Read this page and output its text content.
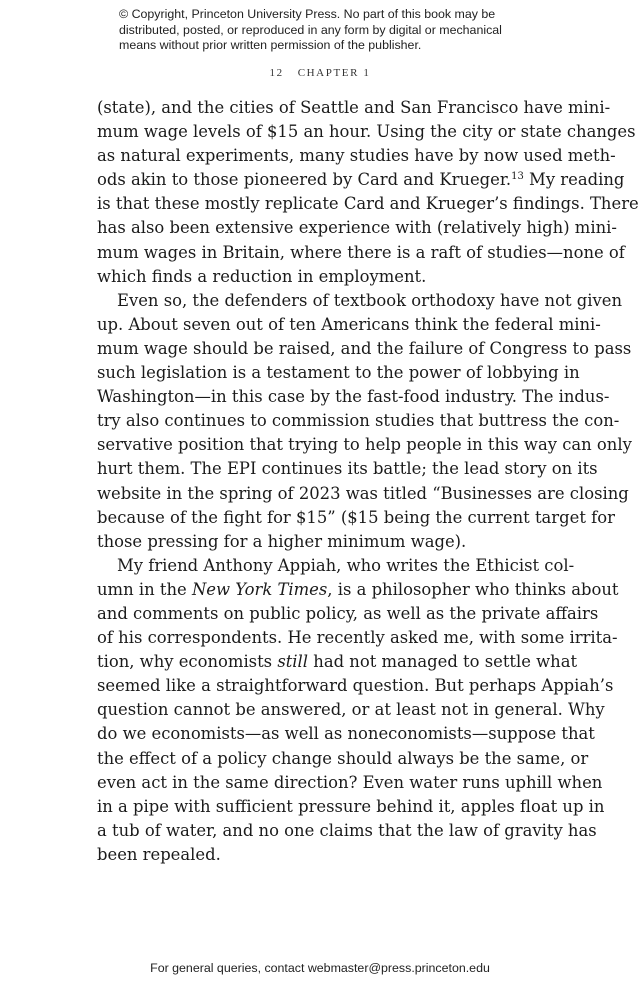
© Copyright, Princeton University Press. No part of this book may be
distributed, posted, or reproduced in any form by digital or mechanical
means without prior written permission of the publisher.
12 CHAPTER 1
(state), and the cities of Seattle and San Francisco have mini-
mum wage levels of $15 an hour. Using the city or state changes
as natural experiments, many studies have by now used meth-
ods akin to those pioneered by Card and Krueger.$^{13}$ My reading
is that these mostly replicate Card and Krueger’s findings. There
has also been extensive experience with (relatively high) mini-
mum wages in Britain, where there is a raft of studies—none of
which finds a reduction in employment.
Even so, the defenders of textbook orthodoxy have not given
up. About seven out of ten Americans think the federal mini-
mum wage should be raised, and the failure of Congress to pass
such legislation is a testament to the power of lobbying in
Washington—in this case by the fast-food industry. The indus-
try also continues to commission studies that buttress the con-
servative position that trying to help people in this way can only
hurt them. The EPI continues its battle; the lead story on its
website in the spring of 2023 was titled “Businesses are closing
because of the fight for $15” ($15 being the current target for
those pressing for a higher minimum wage).
My friend Anthony Appiah, who writes the Ethicist col-
umn in the New York Times, is a philosopher who thinks about
and comments on public policy, as well as the private affairs
of his correspondents. He recently asked me, with some irrita-
tion, why economists still had not managed to settle what
seemed like a straightforward question. But perhaps Appiah’s
question cannot be answered, or at least not in general. Why
do we economists—as well as noneconomists—suppose that
the effect of a policy change should always be the same, or
even act in the same direction? Even water runs uphill when
in a pipe with sufficient pressure behind it, apples float up in
a tub of water, and no one claims that the law of gravity has
been repealed.
For general queries, contact webmaster@press.princeton.edu
